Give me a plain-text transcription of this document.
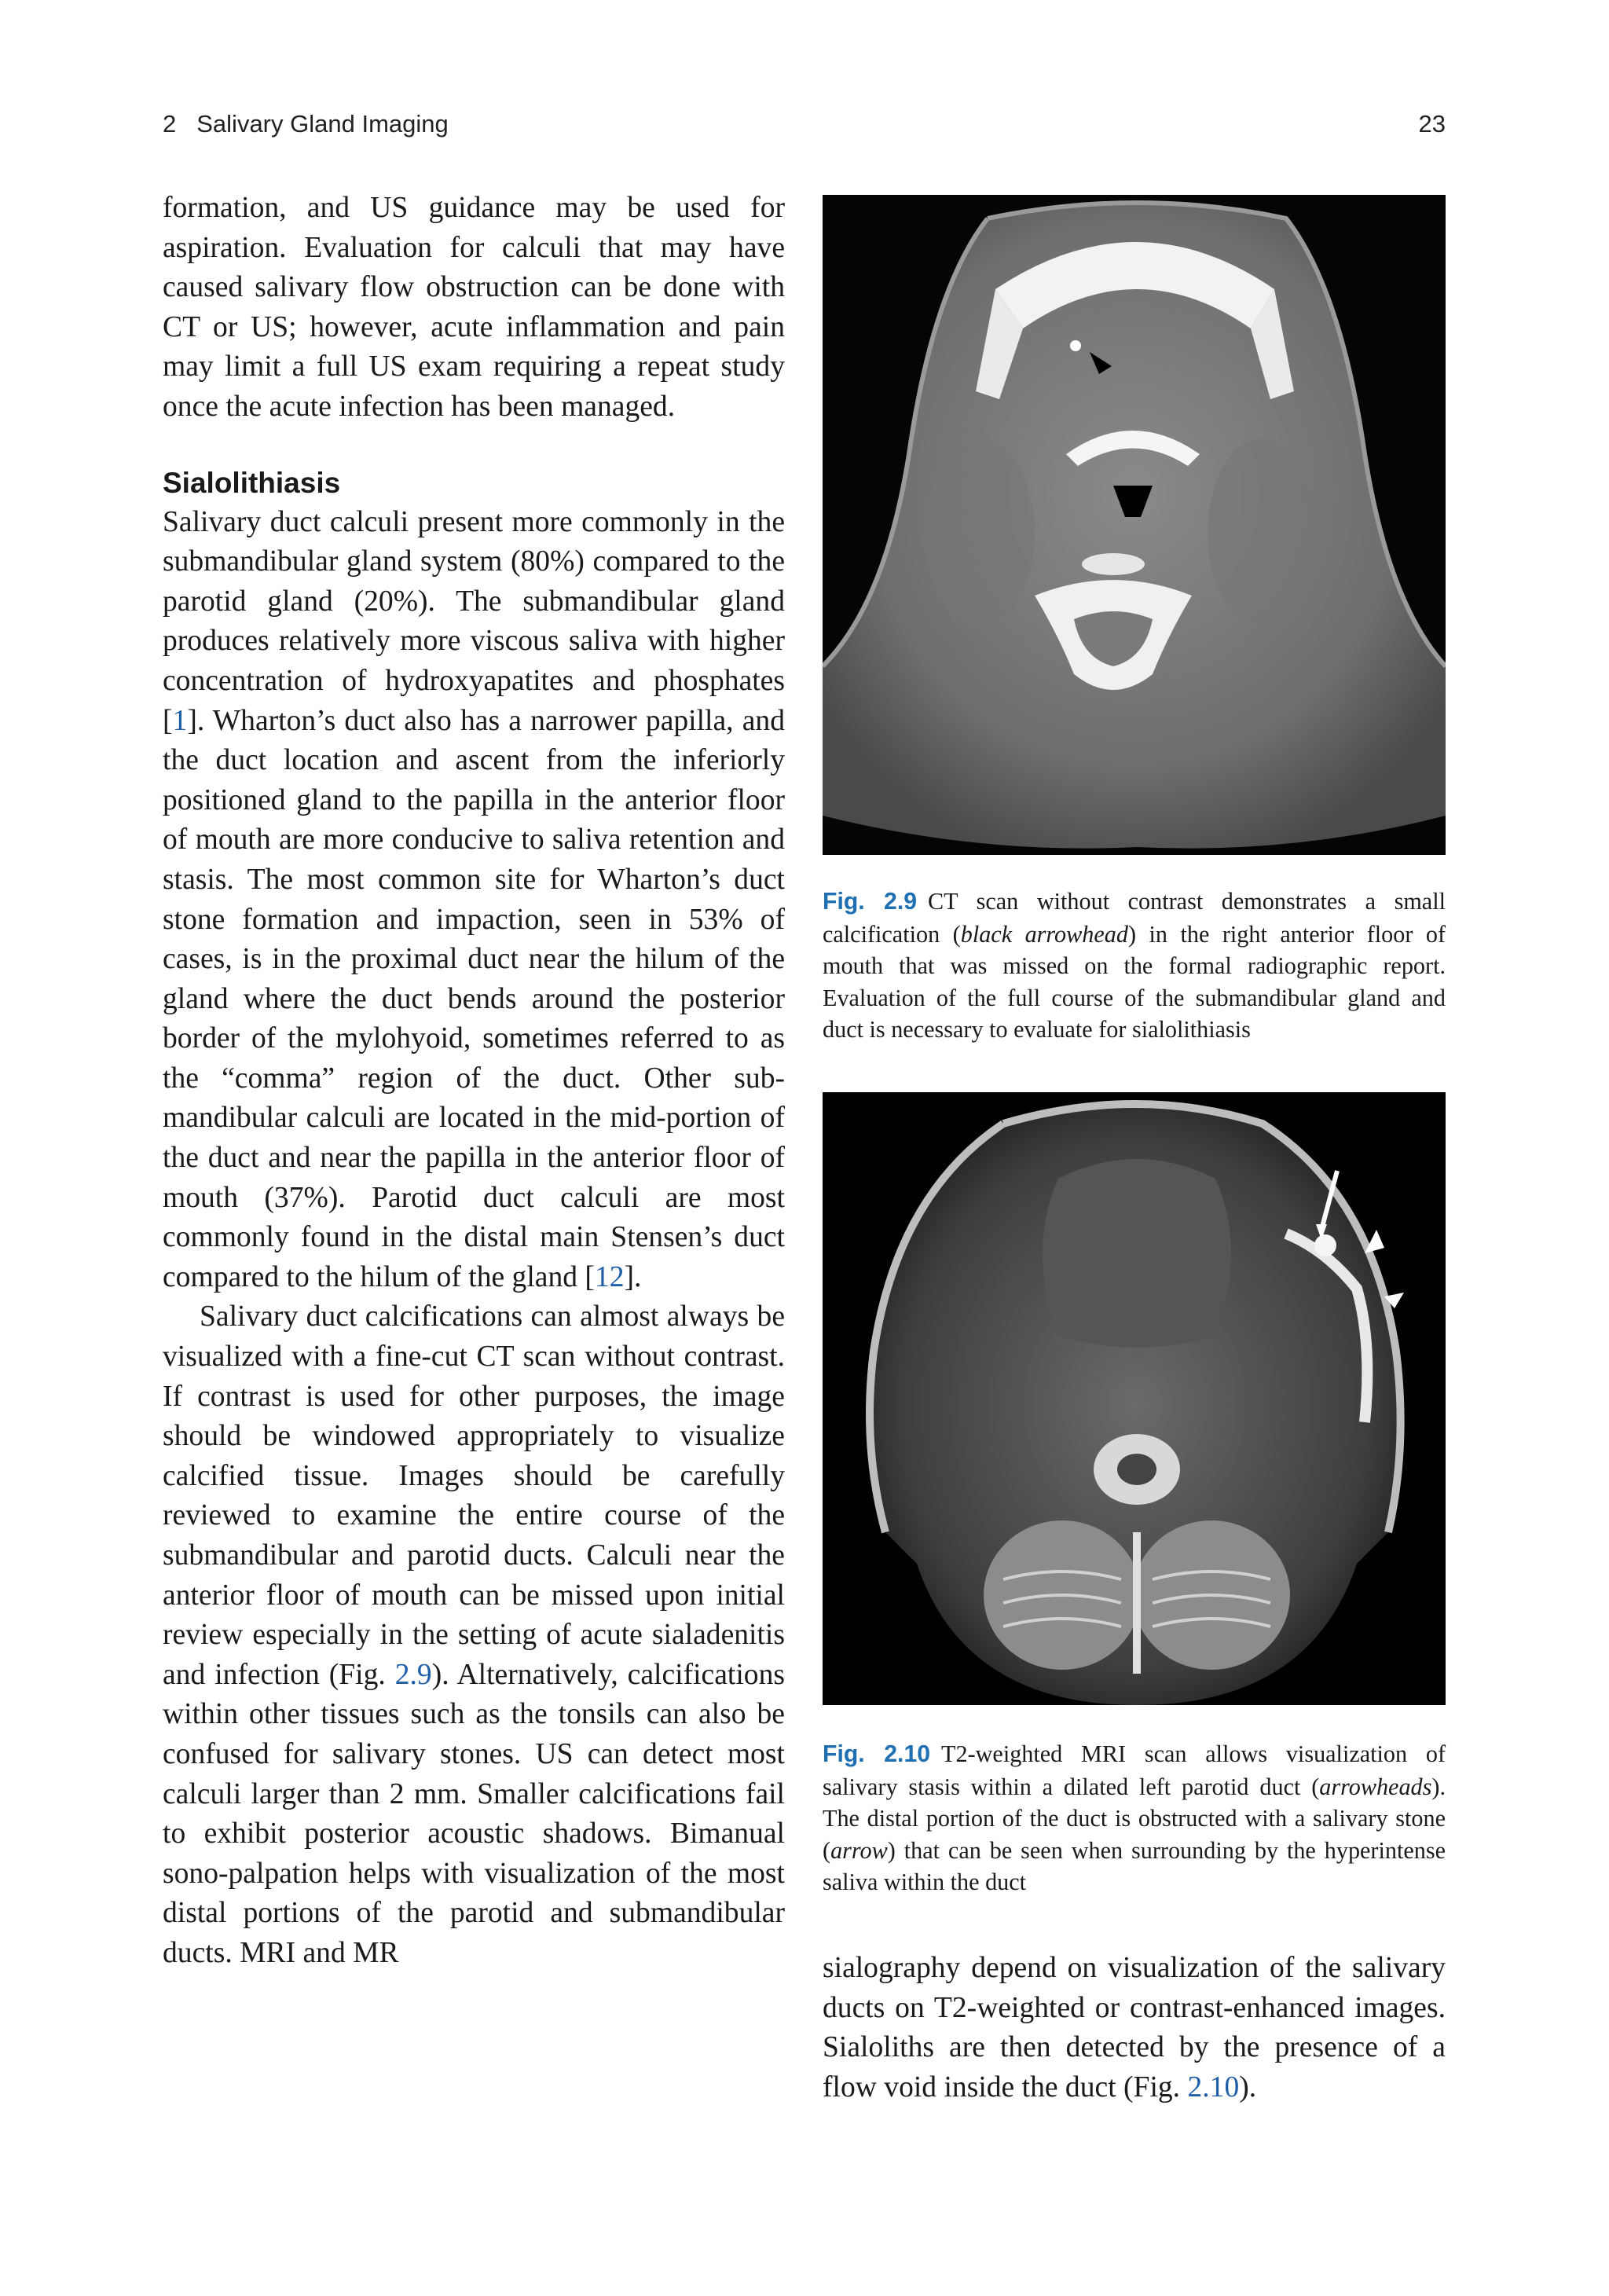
2 Salivary Gland Imaging	23

formation, and US guidance may be used for aspiration. Evaluation for calculi that may have caused salivary flow obstruction can be done with CT or US; however, acute inflammation and pain may limit a full US exam requiring a repeat study once the acute infection has been managed.

Sialolithiasis

Salivary duct calculi present more commonly in the submandibular gland system (80%) compared to the parotid gland (20%). The submandibular gland produces relatively more viscous saliva with higher concentration of hydroxyapatites and phosphates [1]. Wharton’s duct also has a narrower papilla, and the duct location and ascent from the inferiorly positioned gland to the papilla in the anterior floor of mouth are more conducive to saliva retention and stasis. The most common site for Wharton’s duct stone formation and impaction, seen in 53% of cases, is in the proximal duct near the hilum of the gland where the duct bends around the posterior border of the mylohyoid, sometimes referred to as the “comma” region of the duct. Other submandibular calculi are located in the mid-portion of the duct and near the papilla in the anterior floor of mouth (37%). Parotid duct calculi are most commonly found in the distal main Stensen’s duct compared to the hilum of the gland [12].

Salivary duct calcifications can almost always be visualized with a fine-cut CT scan without contrast. If contrast is used for other purposes, the image should be windowed appropriately to visualize calcified tissue. Images should be carefully reviewed to examine the entire course of the submandibular and parotid ducts. Calculi near the anterior floor of mouth can be missed upon initial review especially in the setting of acute sialadenitis and infection (Fig. 2.9). Alternatively, calcifications within other tissues such as the tonsils can also be confused for salivary stones. US can detect most calculi larger than 2 mm. Smaller calcifications fail to exhibit posterior acoustic shadows. Bimanual sono-palpation helps with visualization of the most distal portions of the parotid and submandibular ducts. MRI and MR

Fig. 2.9 CT scan without contrast demonstrates a small calcification (black arrowhead) in the right anterior floor of mouth that was missed on the formal radiographic report. Evaluation of the full course of the submandibular gland and duct is necessary to evaluate for sialolithiasis
Fig. 2.10 T2-weighted MRI scan allows visualization of salivary stasis within a dilated left parotid duct (arrowheads). The distal portion of the duct is obstructed with a salivary stone (arrow) that can be seen when surrounding by the hyperintense saliva within the duct

sialography depend on visualization of the salivary ducts on T2-weighted or contrast-enhanced images. Sialoliths are then detected by the presence of a flow void inside the duct (Fig. 2.10).
